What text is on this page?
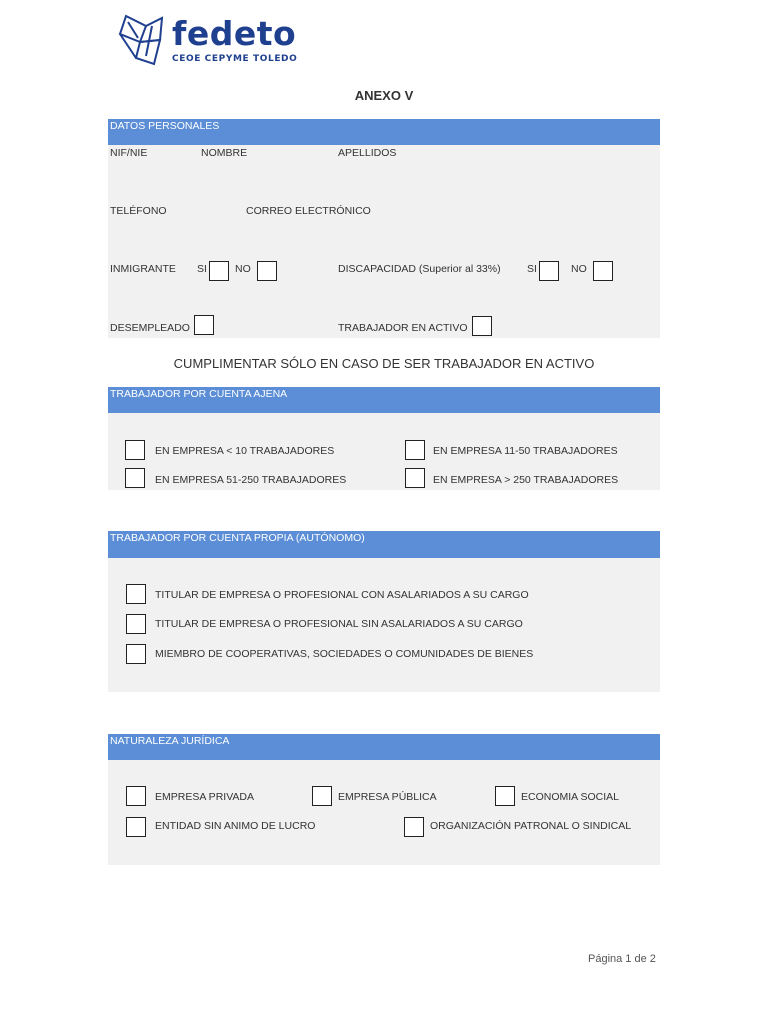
fedeto
CEOE CEPYME TOLEDO
ANEXO V
DATOS PERSONALES
NIF/NIE	NOMBRE	APELLIDOS
TELÉFONO	CORREO ELECTRÓNICO
INMIGRANTE SI	NO	DISCAPACIDAD (Superior al 33%)	SI	NO
DESEMPLEADO	TRABAJADOR EN ACTIVO
CUMPLIMENTAR SÓLO EN CASO DE SER TRABAJADOR EN ACTIVO
TRABAJADOR POR CUENTA AJENA
EN EMPRESA < 10 TRABAJADORES	EN EMPRESA 11-50 TRABAJADORES
EN EMPRESA 51-250 TRABAJADORES	EN EMPRESA > 250 TRABAJADORES
TRABAJADOR POR CUENTA PROPIA (AUTÓNOMO)
TITULAR DE EMPRESA O PROFESIONAL CON ASALARIADOS A SU CARGO
TITULAR DE EMPRESA O PROFESIONAL SIN ASALARIADOS A SU CARGO
MIEMBRO DE COOPERATIVAS, SOCIEDADES O COMUNIDADES DE BIENES
NATURALEZA JURÍDICA
EMPRESA PRIVADA	EMPRESA PÚBLICA	ECONOMIA SOCIAL
ENTIDAD SIN ANIMO DE LUCRO	ORGANIZACIÓN PATRONAL O SINDICAL
Página 1 de 2
